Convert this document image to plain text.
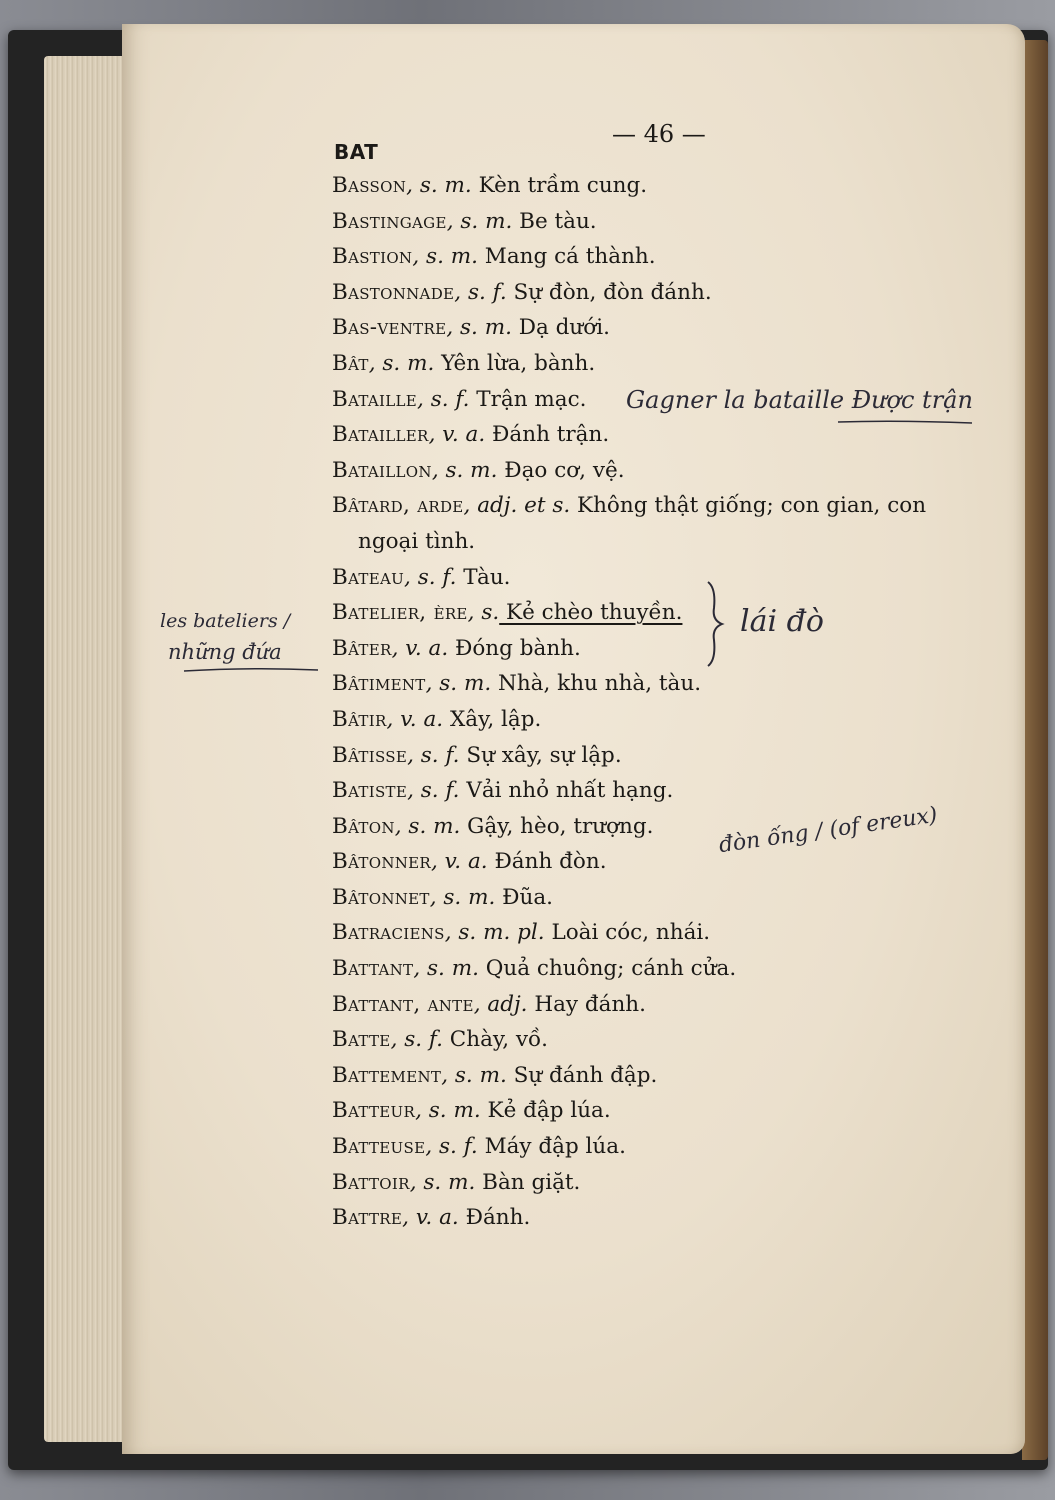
BAT
— 46 —
Basson, s. m. Kèn trầm cung.
Bastingage, s. m. Be tàu.
Bastion, s. m. Mang cá thành.
Bastonnade, s. f. Sự đòn, đòn đánh.
Bas-ventre, s. m. Dạ dưới.
Bât, s. m. Yên lừa, bành.
Bataille, s. f. Trận mạc.
Batailler, v. a. Đánh trận.
Bataillon, s. m. Đạo cơ, vệ.
Bâtard, arde, adj. et s. Không thật giống; con gian, con
ngoại tình.
Bateau, s. f. Tàu.
Batelier, ère, s. Kẻ chèo thuyền.
Bâter, v. a. Đóng bành.
Bâtiment, s. m. Nhà, khu nhà, tàu.
Bâtir, v. a. Xây, lập.
Bâtisse, s. f. Sự xây, sự lập.
Batiste, s. f. Vải nhỏ nhất hạng.
Bâton, s. m. Gậy, hèo, trượng.
Bâtonner, v. a. Đánh đòn.
Bâtonnet, s. m. Đũa.
Batraciens, s. m. pl. Loài cóc, nhái.
Battant, s. m. Quả chuông; cánh cửa.
Battant, ante, adj. Hay đánh.
Batte, s. f. Chày, vồ.
Battement, s. m. Sự đánh đập.
Batteur, s. m. Kẻ đập lúa.
Batteuse, s. f. Máy đập lúa.
Battoir, s. m. Bàn giặt.
Battre, v. a. Đánh.
Gagner la bataille Được trận
les bateliers /
những đứa
lái đò
đòn ống / (of ereux)
